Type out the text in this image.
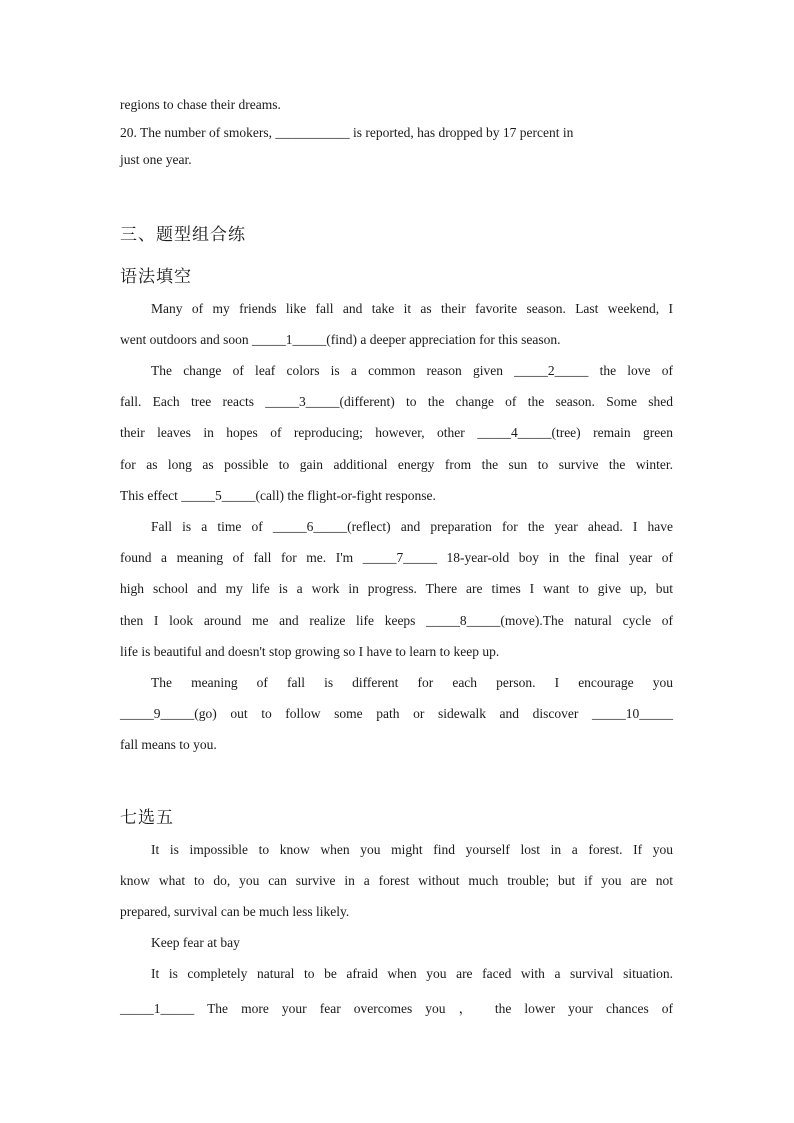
regions to chase their dreams.
20. The number of smokers, ___________ is reported, has dropped by 17 percent in
just one year.
三、题型组合练
语法填空
Many of my friends like fall and take it as their favorite season. Last weekend, I
went outdoors and soon _____1_____(find) a deeper appreciation for this season.
The change of leaf colors is a common reason given _____2_____ the love of
fall. Each tree reacts _____3_____(different) to the change of the season. Some shed
their leaves in hopes of reproducing; however, other _____4_____(tree) remain green
for as long as possible to gain additional energy from the sun to survive the winter.
This effect _____5_____(call) the flight-or-fight response.
Fall is a time of _____6_____(reflect) and preparation for the year ahead. I have
found a meaning of fall for me. I'm _____7_____ 18-year-old boy in the final year of
high school and my life is a work in progress. There are times I want to give up, but
then I look around me and realize life keeps _____8_____(move).The natural cycle of
life is beautiful and doesn't stop growing so I have to learn to keep up.
The meaning of fall is different for each person. I encourage you
_____9_____(go) out to follow some path or sidewalk and discover _____10_____
fall means to you.
七选五
It is impossible to know when you might find yourself lost in a forest. If you
know what to do, you can survive in a forest without much trouble; but if you are not
prepared, survival can be much less likely.
Keep fear at bay
It is completely natural to be afraid when you are faced with a survival situation.
_____1_____ The more your fear overcomes you ， the lower your chances of
